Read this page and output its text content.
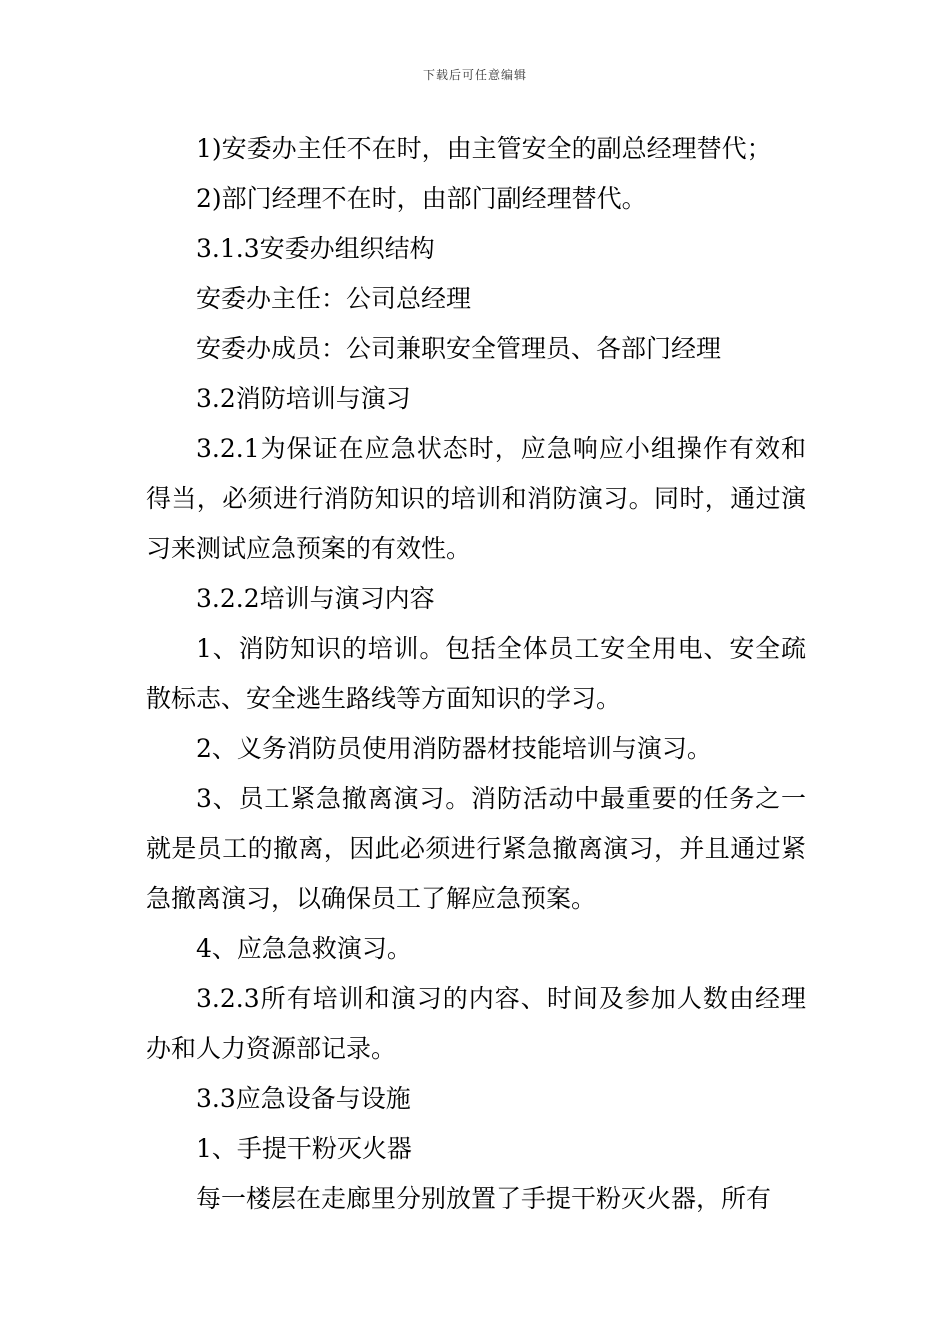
下载后可任意编辑

1)安委办主任不在时，由主管安全的副总经理替代；

2)部门经理不在时，由部门副经理替代。

3.1.3安委办组织结构

安委办主任：公司总经理

安委办成员：公司兼职安全管理员、各部门经理

3.2消防培训与演习

3.2.1为保证在应急状态时，应急响应小组操作有效和得当，必须进行消防知识的培训和消防演习。同时，通过演习来测试应急预案的有效性。

3.2.2培训与演习内容

1、消防知识的培训。包括全体员工安全用电、安全疏散标志、安全逃生路线等方面知识的学习。

2、义务消防员使用消防器材技能培训与演习。

3、员工紧急撤离演习。消防活动中最重要的任务之一就是员工的撤离，因此必须进行紧急撤离演习，并且通过紧急撤离演习，以确保员工了解应急预案。

4、应急急救演习。

3.2.3所有培训和演习的内容、时间及参加人数由经理办和人力资源部记录。

3.3应急设备与设施

1、手提干粉灭火器

每一楼层在走廊里分别放置了手提干粉灭火器，所有
